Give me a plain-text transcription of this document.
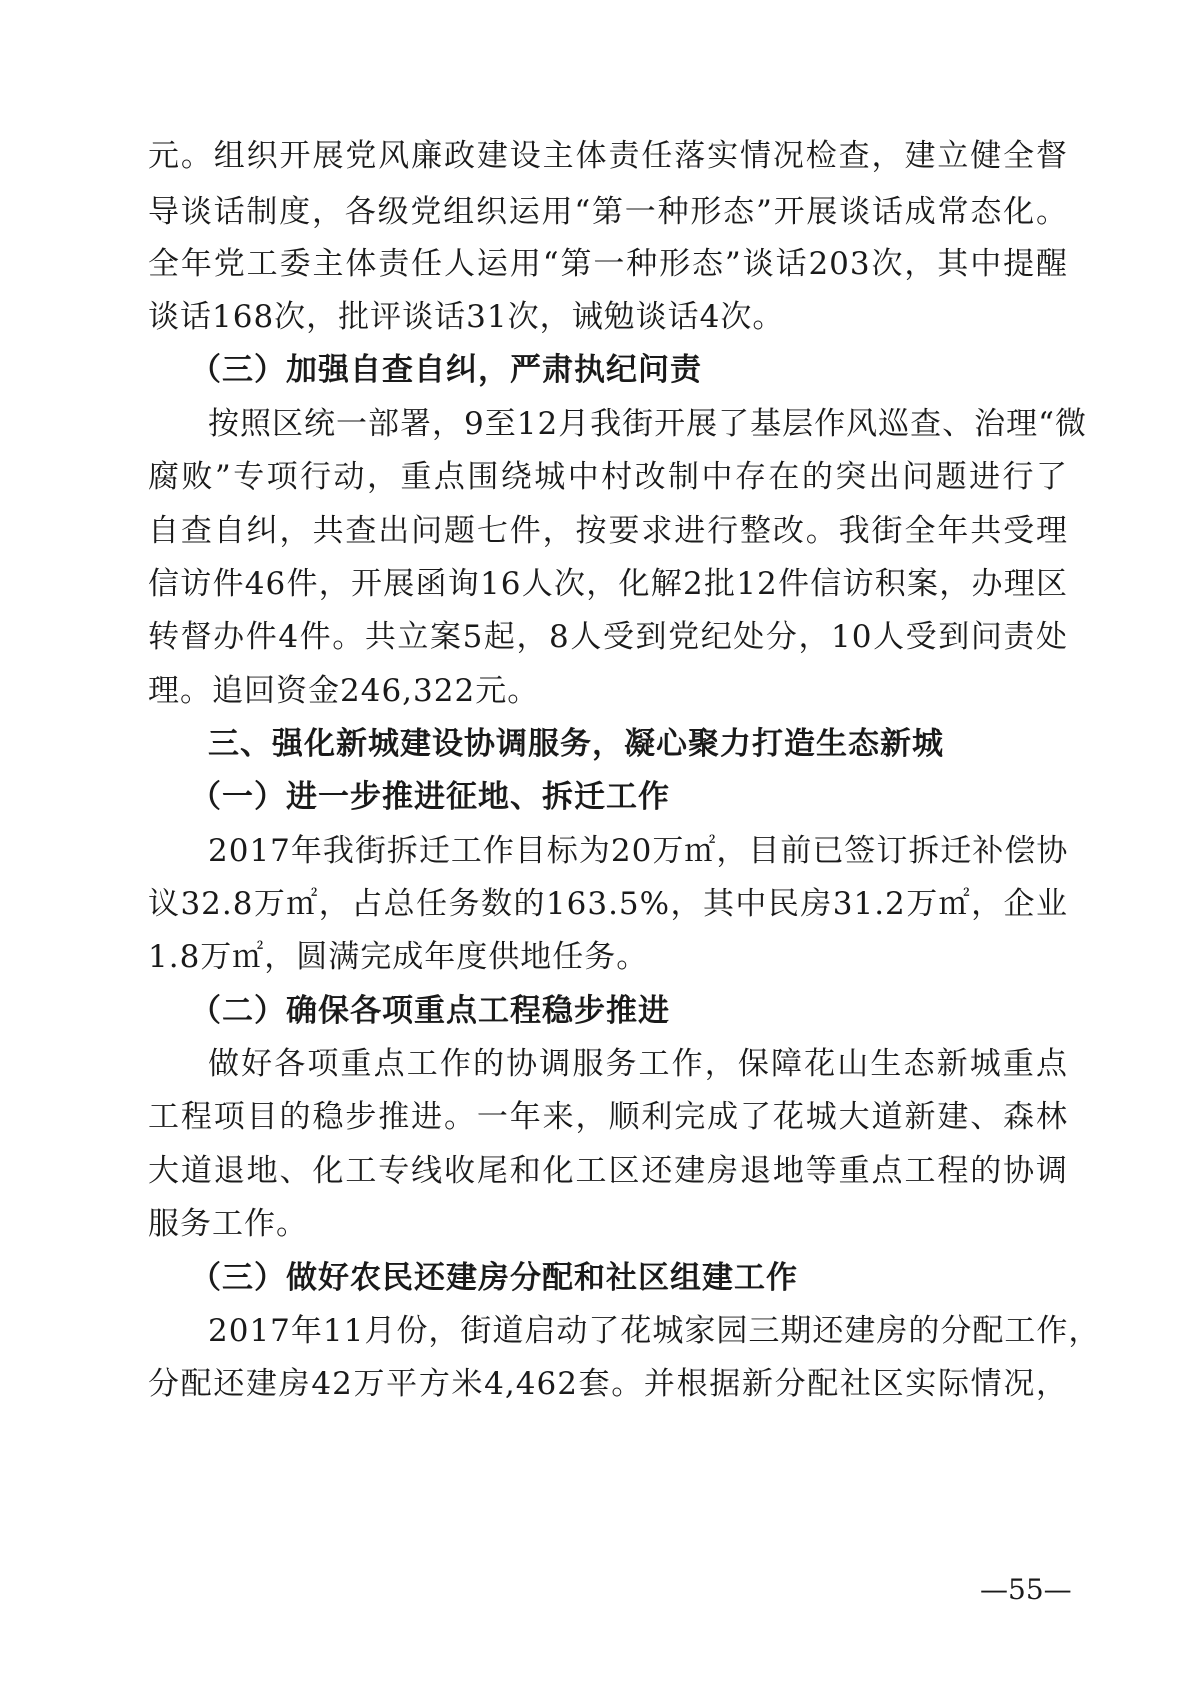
元。组织开展党风廉政建设主体责任落实情况检查，建立健全督
导谈话制度，各级党组织运用“第一种形态”开展谈话成常态化。
全年党工委主体责任人运用“第一种形态”谈话203次，其中提醒
谈话168次，批评谈话31次，诫勉谈话4次。
（三）加强自查自纠，严肃执纪问责
按照区统一部署，9至12月我街开展了基层作风巡查、治理“微
腐败”专项行动，重点围绕城中村改制中存在的突出问题进行了
自查自纠，共查出问题七件，按要求进行整改。我街全年共受理
信访件46件，开展函询16人次，化解2批12件信访积案，办理区
转督办件4件。共立案5起，8人受到党纪处分，10人受到问责处
理。追回资金246,322元。
三、强化新城建设协调服务，凝心聚力打造生态新城
（一）进一步推进征地、拆迁工作
2017年我街拆迁工作目标为20万㎡，目前已签订拆迁补偿协
议32.8万㎡，占总任务数的163.5%，其中民房31.2万㎡，企业
1.8万㎡，圆满完成年度供地任务。
（二）确保各项重点工程稳步推进
做好各项重点工作的协调服务工作，保障花山生态新城重点
工程项目的稳步推进。一年来，顺利完成了花城大道新建、森林
大道退地、化工专线收尾和化工区还建房退地等重点工程的协调
服务工作。
（三）做好农民还建房分配和社区组建工作
2017年11月份，街道启动了花城家园三期还建房的分配工作，
分配还建房42万平方米4,462套。并根据新分配社区实际情况，
—55—
